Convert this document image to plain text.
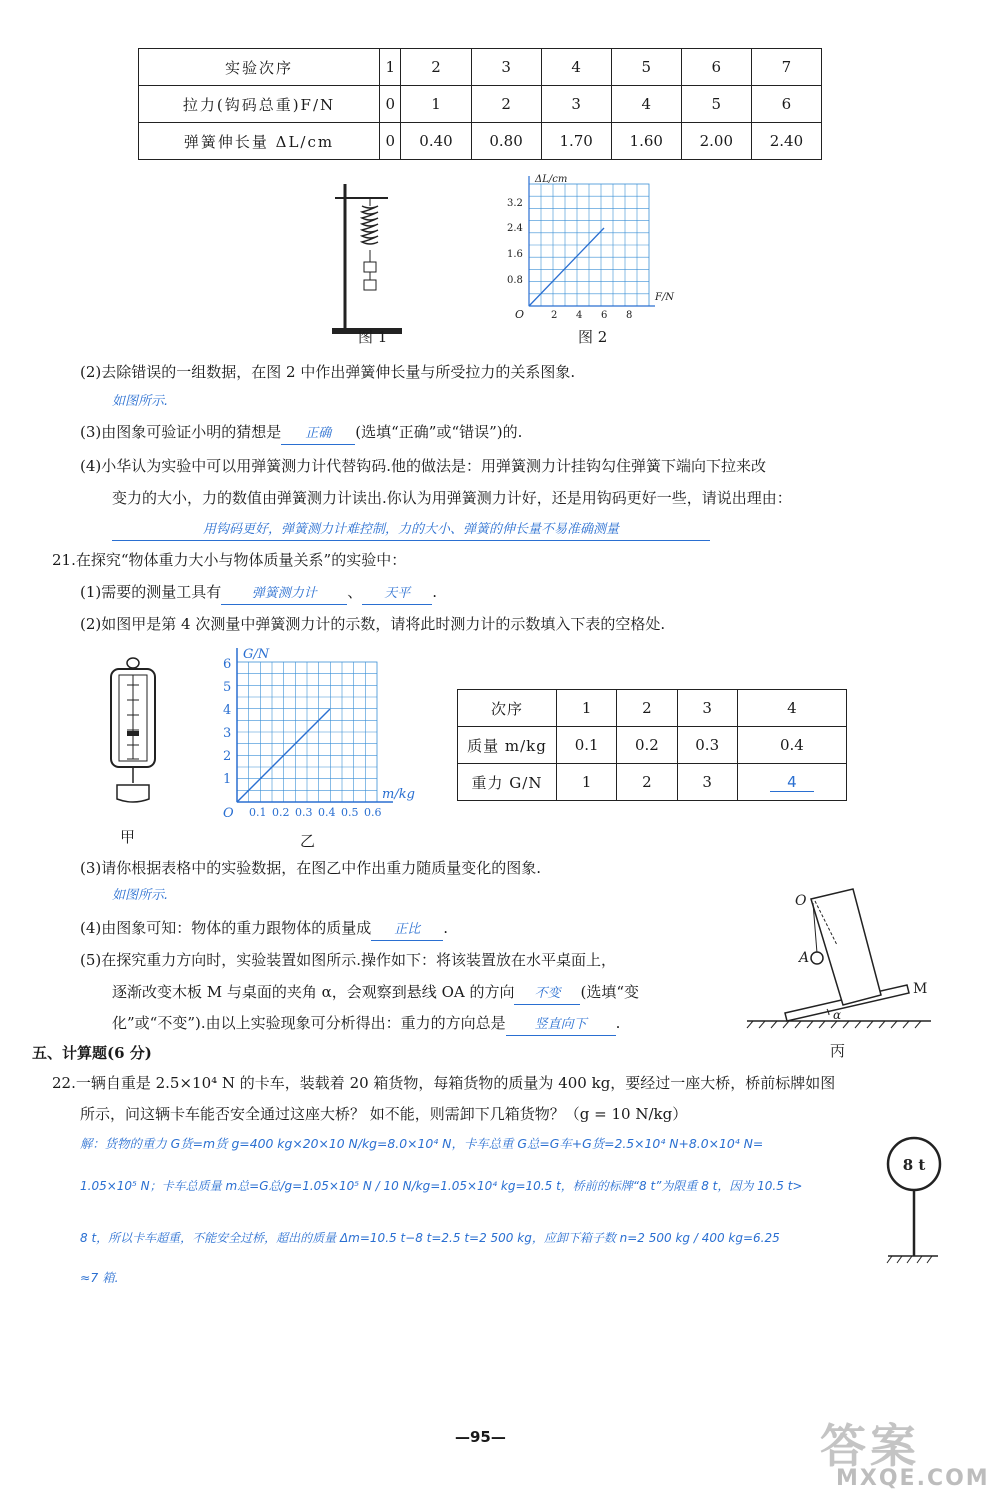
实验次序	1	2	3	4	5	6	7
拉力(钩码总重)F/N	0	1	2	3	4	5	6
弹簧伸长量 ΔL/cm	0	0.40	0.80	1.70	1.60	2.00	2.40
图 1
ΔL/cm
F/N
O
0.8
1.6
2.4
3.2
2 4 6 8
图 2
(2)去除错误的一组数据，在图 2 中作出弹簧伸长量与所受拉力的关系图象.
如图所示.
(3)由图象可验证小明的猜想是 正确 (选填“正确”或“错误”)的.
(4)小华认为实验中可以用弹簧测力计代替钩码.他的做法是：用弹簧测力计挂钩勾住弹簧下端向下拉来改
变力的大小，力的数值由弹簧测力计读出.你认为用弹簧测力计好，还是用钩码更好一些，请说出理由：
用钩码更好，弹簧测力计难控制，力的大小、弹簧的伸长量不易准确测量
21.在探究“物体重力大小与物体质量关系”的实验中：
(1)需要的测量工具有 弹簧测力计 、 天平 .
(2)如图甲是第 4 次测量中弹簧测力计的示数，请将此时测力计的示数填入下表的空格处.
甲
G/N
m/kg
O
1
2
3
4
5
6
0.1 0.2 0.3 0.4 0.5 0.6
乙
次序	1	2	3	4
质量 m/kg	0.1	0.2	0.3	0.4
重力 G/N	1	2	3	4
(3)请你根据表格中的实验数据，在图乙中作出重力随质量变化的图象.
如图所示.
(4)由图象可知：物体的重力跟物体的质量成 正比 .
(5)在探究重力方向时，实验装置如图所示.操作如下：将该装置放在水平桌面上，
逐渐改变木板 M 与桌面的夹角 α，会观察到悬线 OA 的方向 不变 (选填“变
化”或“不变”).由以上实验现象可分析得出：重力的方向总是 竖直向下 .
O
A
M
α
丙
五、计算题(6 分)
22.一辆自重是 2.5×10⁴ N 的卡车，装载着 20 箱货物，每箱货物的质量为 400 kg，要经过一座大桥，桥前标牌如图
所示，问这辆卡车能否安全通过这座大桥？ 如不能，则需卸下几箱货物？（g = 10 N/kg）
解：货物的重力 G货=m货 g=400 kg×20×10 N/kg=8.0×10⁴ N，卡车总重 G总=G车+G货=2.5×10⁴ N+8.0×10⁴ N=
1.05×10⁵ N；卡车总质量 m总=G总/g=1.05×10⁵ N / 10 N/kg=1.05×10⁴ kg=10.5 t，桥前的标牌“8 t”为限重 8 t，因为 10.5 t>
8 t，所以卡车超重，不能安全过桥，超出的质量 Δm=10.5 t−8 t=2.5 t=2 500 kg，应卸下箱子数 n=2 500 kg / 400 kg=6.25
≈7 箱.
8 t
—95—	答案
MXQE.COM
